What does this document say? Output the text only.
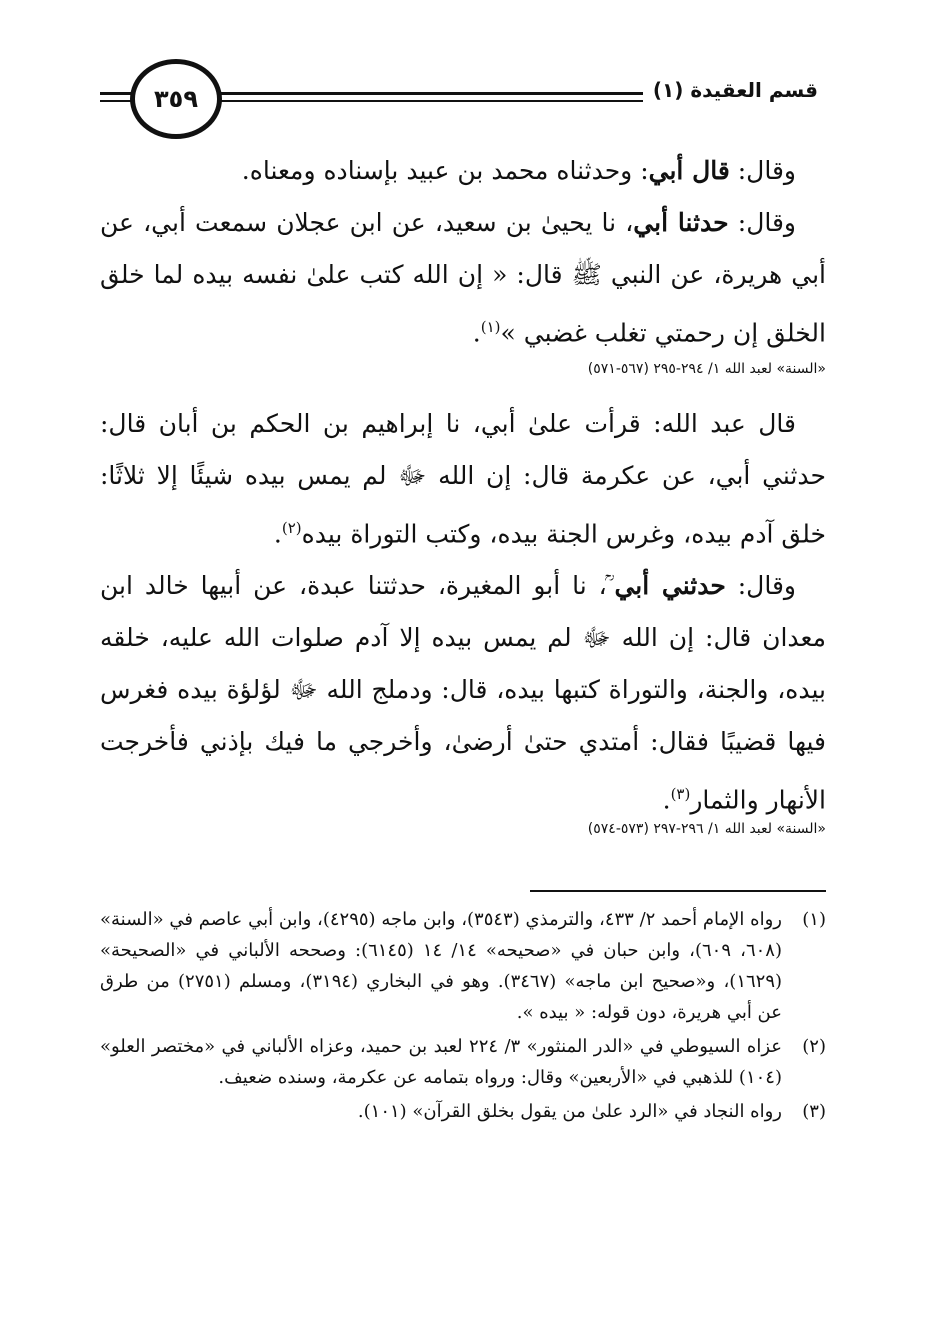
قسم العقيدة (١)
٣٥٩

وقال: قال أبي: وحدثناه محمد بن عبيد بإسناده ومعناه.

وقال: حدثنا أبي، نا يحيىٰ بن سعيد، عن ابن عجلان سمعت أبي، عن أبي هريرة، عن النبي ﷺ قال: « إن الله كتب علىٰ نفسه بيده لما خلق الخلق إن رحمتي تغلب غضبي »$^{(١)}$.

«السنة» لعبد الله ١/ ٢٩٤-٢٩٥ (٥٦٧-٥٧١)

قال عبد الله: قرأت علىٰ أبي، نا إبراهيم بن الحكم بن أبان قال: حدثني أبي، عن عكرمة قال: إن الله ﷻ لم يمس بيده شيئًا إلا ثلاثًا: خلق آدم بيده، وغرس الجنة بيده، وكتب التوراة بيده$^{(٢)}$.

وقال: حدثني أبي ؒ، نا أبو المغيرة، حدثتنا عبدة، عن أبيها خالد ابن معدان قال: إن الله ﷻ لم يمس بيده إلا آدم صلوات الله عليه، خلقه بيده، والجنة، والتوراة كتبها بيده، قال: ودملج الله ﷻ لؤلؤة بيده فغرس فيها قضيبًا فقال: أمتدي حتىٰ أرضىٰ، وأخرجي ما فيك بإذني فأخرجت الأنهار والثمار$^{(٣)}$.

«السنة» لعبد الله ١/ ٢٩٦-٢٩٧ (٥٧٣-٥٧٤)

(١)
رواه الإمام أحمد ٢/ ٤٣٣، والترمذي (٣٥٤٣)، وابن ماجه (٤٢٩٥)، وابن أبي عاصم في «السنة» (٦٠٨، ٦٠٩)، وابن حبان في «صحيحه» ١٤/ ١٤ (٦١٤٥): وصححه الألباني في «الصحيحة» (١٦٢٩)، و«صحيح ابن ماجه» (٣٤٦٧). وهو في البخاري (٣١٩٤)، ومسلم (٢٧٥١) من طرق عن أبي هريرة، دون قوله: « بيده ».
(٢)
عزاه السيوطي في «الدر المنثور» ٣/ ٢٢٤ لعبد بن حميد، وعزاه الألباني في «مختصر العلو» (١٠٤) للذهبي في «الأربعين» وقال: ورواه بتمامه عن عكرمة، وسنده ضعيف.
(٣)
رواه النجاد في «الرد علىٰ من يقول بخلق القرآن» (١٠١).
